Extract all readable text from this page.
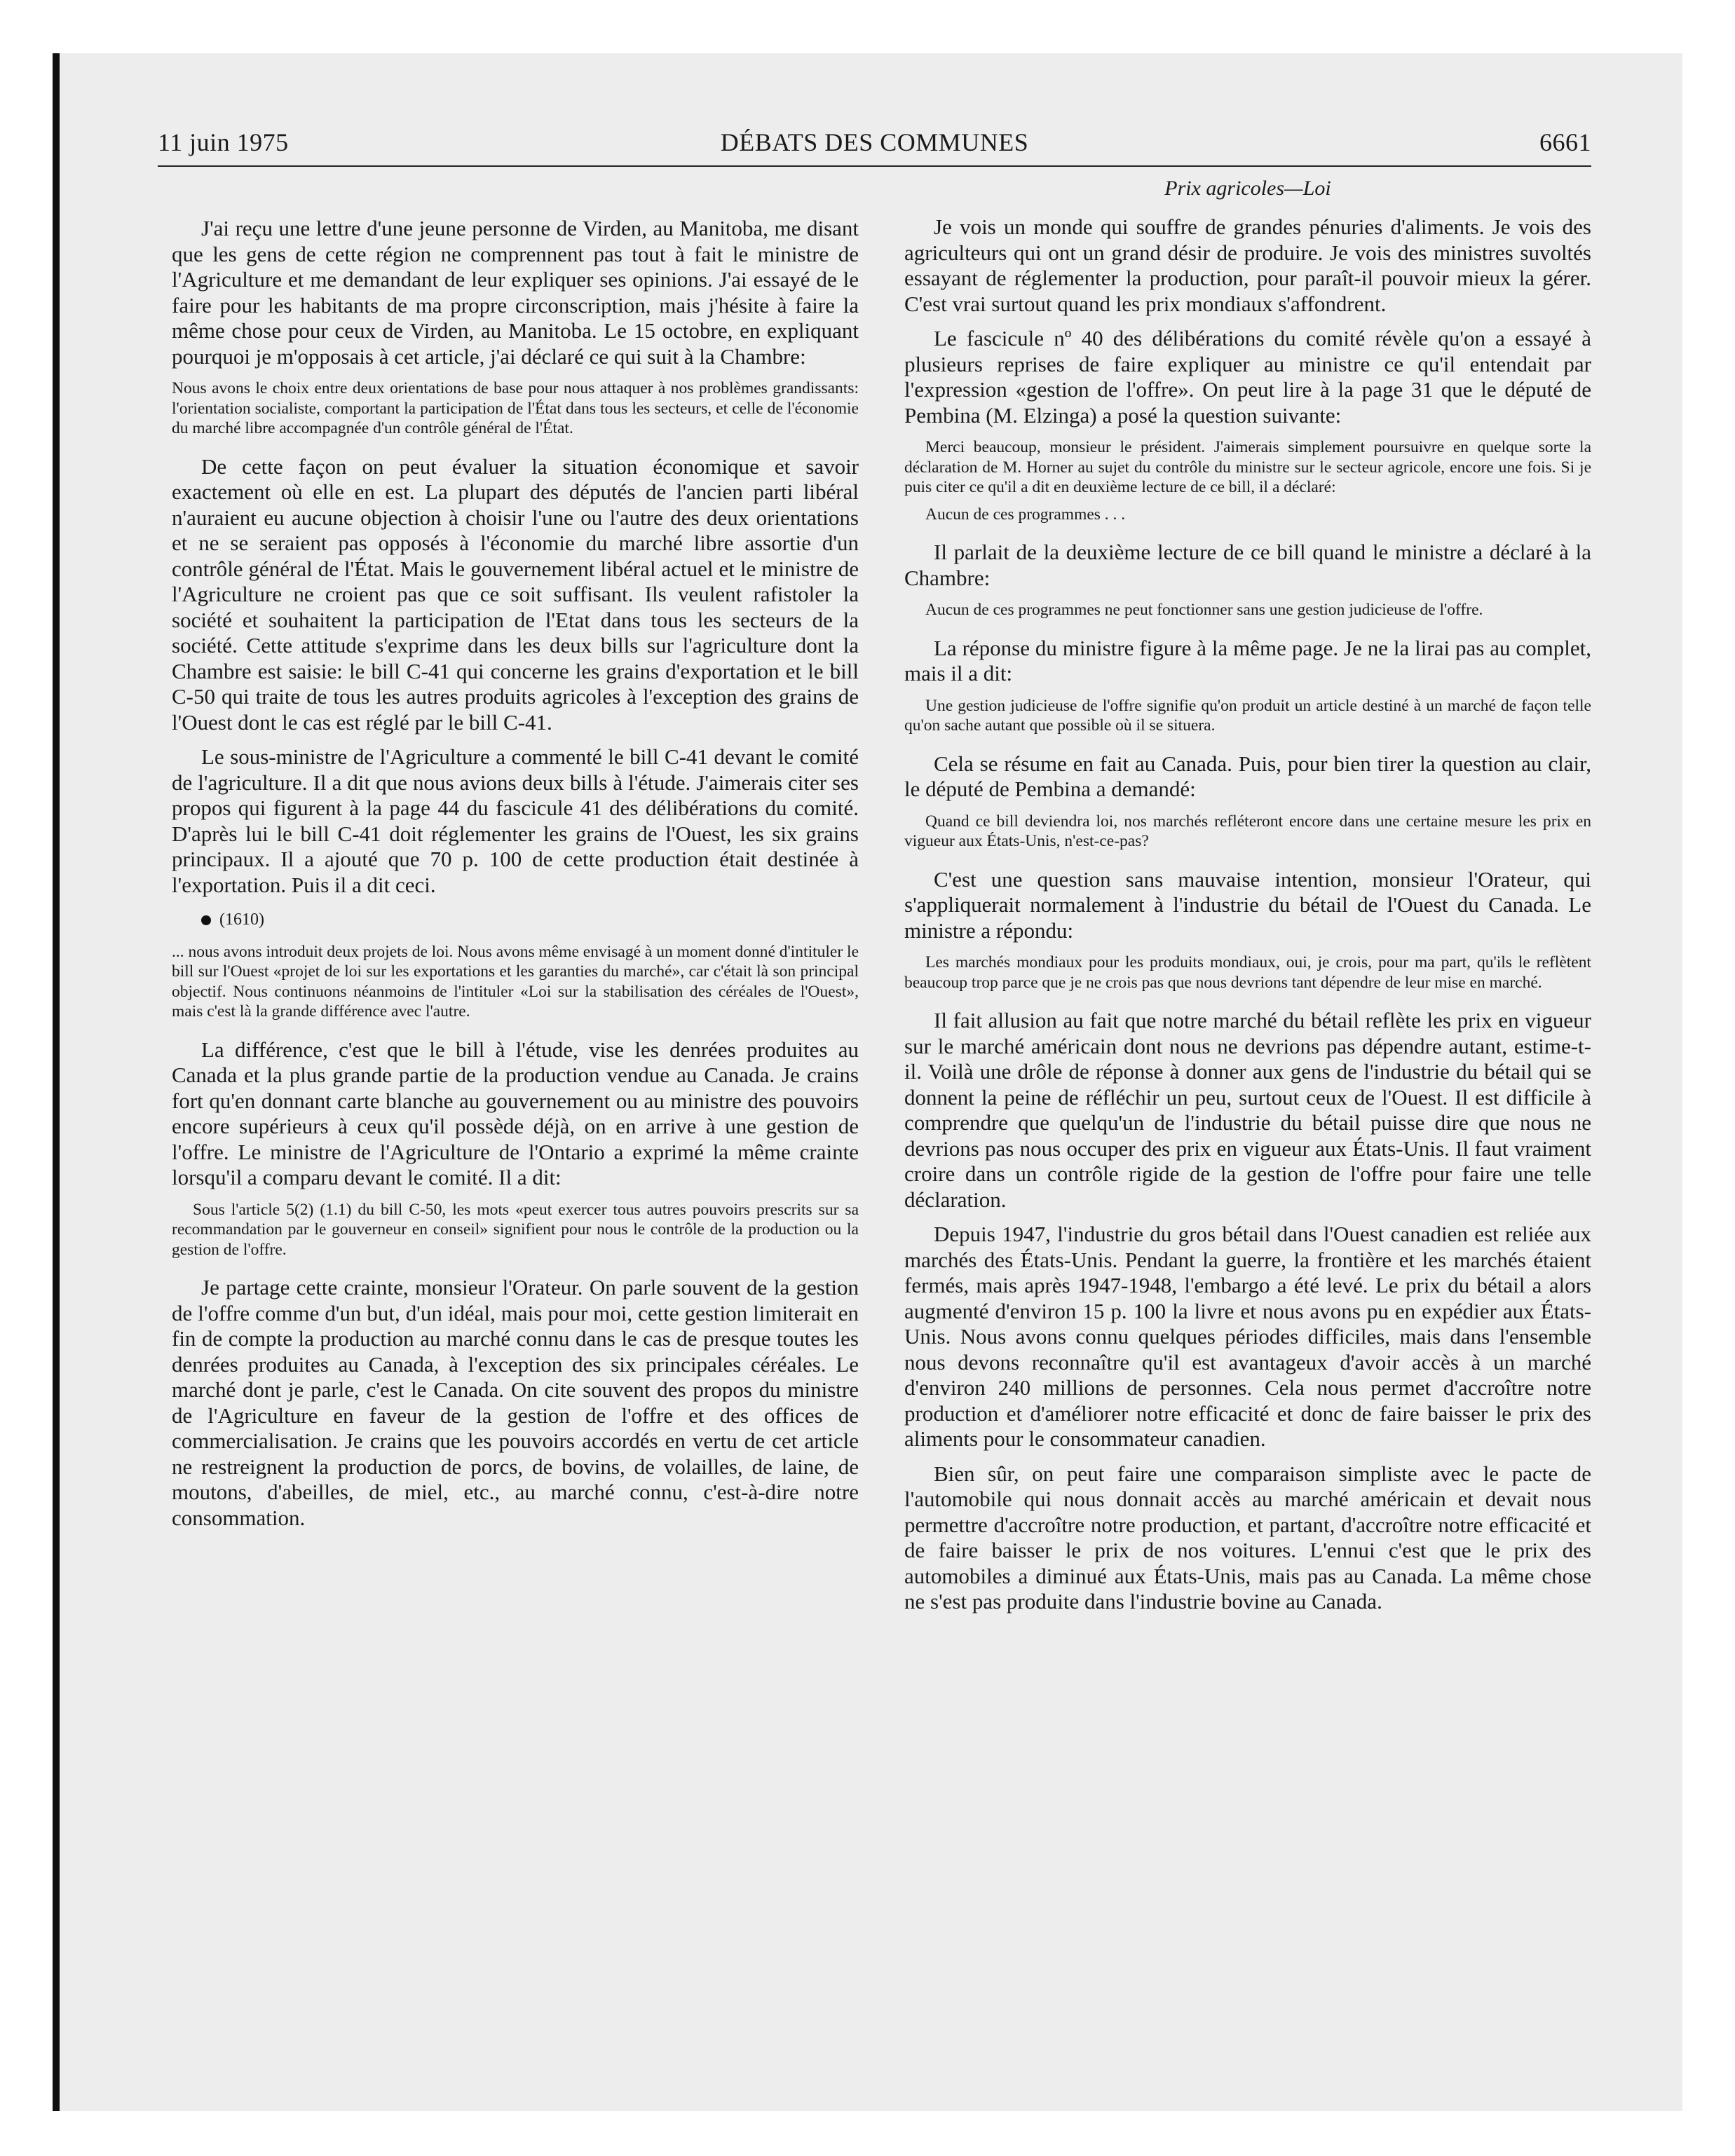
11 juin 1975	DÉBATS DES COMMUNES	6661
Prix agricoles—Loi

J'ai reçu une lettre d'une jeune personne de Virden, au Manitoba, me disant que les gens de cette région ne comprennent pas tout à fait le ministre de l'Agriculture et me demandant de leur expliquer ses opinions. J'ai essayé de le faire pour les habitants de ma propre circonscription, mais j'hésite à faire la même chose pour ceux de Virden, au Manitoba. Le 15 octobre, en expliquant pourquoi je m'opposais à cet article, j'ai déclaré ce qui suit à la Chambre:

Nous avons le choix entre deux orientations de base pour nous attaquer à nos problèmes grandissants: l'orientation socialiste, comportant la participation de l'État dans tous les secteurs, et celle de l'économie du marché libre accompagnée d'un contrôle général de l'État.

De cette façon on peut évaluer la situation économique et savoir exactement où elle en est. La plupart des députés de l'ancien parti libéral n'auraient eu aucune objection à choisir l'une ou l'autre des deux orientations et ne se seraient pas opposés à l'économie du marché libre assortie d'un contrôle général de l'État. Mais le gouvernement libéral actuel et le ministre de l'Agriculture ne croient pas que ce soit suffisant. Ils veulent rafistoler la société et souhaitent la participation de l'Etat dans tous les secteurs de la société. Cette attitude s'exprime dans les deux bills sur l'agriculture dont la Chambre est saisie: le bill C-41 qui concerne les grains d'exportation et le bill C-50 qui traite de tous les autres produits agricoles à l'exception des grains de l'Ouest dont le cas est réglé par le bill C-41.

Le sous-ministre de l'Agriculture a commenté le bill C-41 devant le comité de l'agriculture. Il a dit que nous avions deux bills à l'étude. J'aimerais citer ses propos qui figurent à la page 44 du fascicule 41 des délibérations du comité. D'après lui le bill C-41 doit réglementer les grains de l'Ouest, les six grains principaux. Il a ajouté que 70 p. 100 de cette production était destinée à l'exportation. Puis il a dit ceci.

(1610)

... nous avons introduit deux projets de loi. Nous avons même envisagé à un moment donné d'intituler le bill sur l'Ouest «projet de loi sur les exportations et les garanties du marché», car c'était là son principal objectif. Nous continuons néanmoins de l'intituler «Loi sur la stabilisation des céréales de l'Ouest», mais c'est là la grande différence avec l'autre.

La différence, c'est que le bill à l'étude, vise les denrées produites au Canada et la plus grande partie de la production vendue au Canada. Je crains fort qu'en donnant carte blanche au gouvernement ou au ministre des pouvoirs encore supérieurs à ceux qu'il possède déjà, on en arrive à une gestion de l'offre. Le ministre de l'Agriculture de l'Ontario a exprimé la même crainte lorsqu'il a comparu devant le comité. Il a dit:

Sous l'article 5(2) (1.1) du bill C-50, les mots «peut exercer tous autres pouvoirs prescrits sur sa recommandation par le gouverneur en conseil» signifient pour nous le contrôle de la production ou la gestion de l'offre.

Je partage cette crainte, monsieur l'Orateur. On parle souvent de la gestion de l'offre comme d'un but, d'un idéal, mais pour moi, cette gestion limiterait en fin de compte la production au marché connu dans le cas de presque toutes les denrées produites au Canada, à l'exception des six principales céréales. Le marché dont je parle, c'est le Canada. On cite souvent des propos du ministre de l'Agriculture en faveur de la gestion de l'offre et des offices de commercialisation. Je crains que les pouvoirs accordés en vertu de cet article ne restreignent la production de porcs, de bovins, de volailles, de laine, de moutons, d'abeilles, de miel, etc., au marché connu, c'est-à-dire notre consommation.

Je vois un monde qui souffre de grandes pénuries d'aliments. Je vois des agriculteurs qui ont un grand désir de produire. Je vois des ministres suvoltés essayant de réglementer la production, pour paraît-il pouvoir mieux la gérer. C'est vrai surtout quand les prix mondiaux s'affondrent.

Le fascicule nº 40 des délibérations du comité révèle qu'on a essayé à plusieurs reprises de faire expliquer au ministre ce qu'il entendait par l'expression «gestion de l'offre». On peut lire à la page 31 que le député de Pembina (M. Elzinga) a posé la question suivante:

Merci beaucoup, monsieur le président. J'aimerais simplement poursuivre en quelque sorte la déclaration de M. Horner au sujet du contrôle du ministre sur le secteur agricole, encore une fois. Si je puis citer ce qu'il a dit en deuxième lecture de ce bill, il a déclaré:

Aucun de ces programmes . . .

Il parlait de la deuxième lecture de ce bill quand le ministre a déclaré à la Chambre:

Aucun de ces programmes ne peut fonctionner sans une gestion judicieuse de l'offre.

La réponse du ministre figure à la même page. Je ne la lirai pas au complet, mais il a dit:

Une gestion judicieuse de l'offre signifie qu'on produit un article destiné à un marché de façon telle qu'on sache autant que possible où il se situera.

Cela se résume en fait au Canada. Puis, pour bien tirer la question au clair, le député de Pembina a demandé:

Quand ce bill deviendra loi, nos marchés refléteront encore dans une certaine mesure les prix en vigueur aux États-Unis, n'est-ce-pas?

C'est une question sans mauvaise intention, monsieur l'Orateur, qui s'appliquerait normalement à l'industrie du bétail de l'Ouest du Canada. Le ministre a répondu:

Les marchés mondiaux pour les produits mondiaux, oui, je crois, pour ma part, qu'ils le reflètent beaucoup trop parce que je ne crois pas que nous devrions tant dépendre de leur mise en marché.

Il fait allusion au fait que notre marché du bétail reflète les prix en vigueur sur le marché américain dont nous ne devrions pas dépendre autant, estime-t-il. Voilà une drôle de réponse à donner aux gens de l'industrie du bétail qui se donnent la peine de réfléchir un peu, surtout ceux de l'Ouest. Il est difficile à comprendre que quelqu'un de l'industrie du bétail puisse dire que nous ne devrions pas nous occuper des prix en vigueur aux États-Unis. Il faut vraiment croire dans un contrôle rigide de la gestion de l'offre pour faire une telle déclaration.

Depuis 1947, l'industrie du gros bétail dans l'Ouest canadien est reliée aux marchés des États-Unis. Pendant la guerre, la frontière et les marchés étaient fermés, mais après 1947-1948, l'embargo a été levé. Le prix du bétail a alors augmenté d'environ 15 p. 100 la livre et nous avons pu en expédier aux États-Unis. Nous avons connu quelques périodes difficiles, mais dans l'ensemble nous devons reconnaître qu'il est avantageux d'avoir accès à un marché d'environ 240 millions de personnes. Cela nous permet d'accroître notre production et d'améliorer notre efficacité et donc de faire baisser le prix des aliments pour le consommateur canadien.

Bien sûr, on peut faire une comparaison simpliste avec le pacte de l'automobile qui nous donnait accès au marché américain et devait nous permettre d'accroître notre production, et partant, d'accroître notre efficacité et de faire baisser le prix de nos voitures. L'ennui c'est que le prix des automobiles a diminué aux États-Unis, mais pas au Canada. La même chose ne s'est pas produite dans l'industrie bovine au Canada.
